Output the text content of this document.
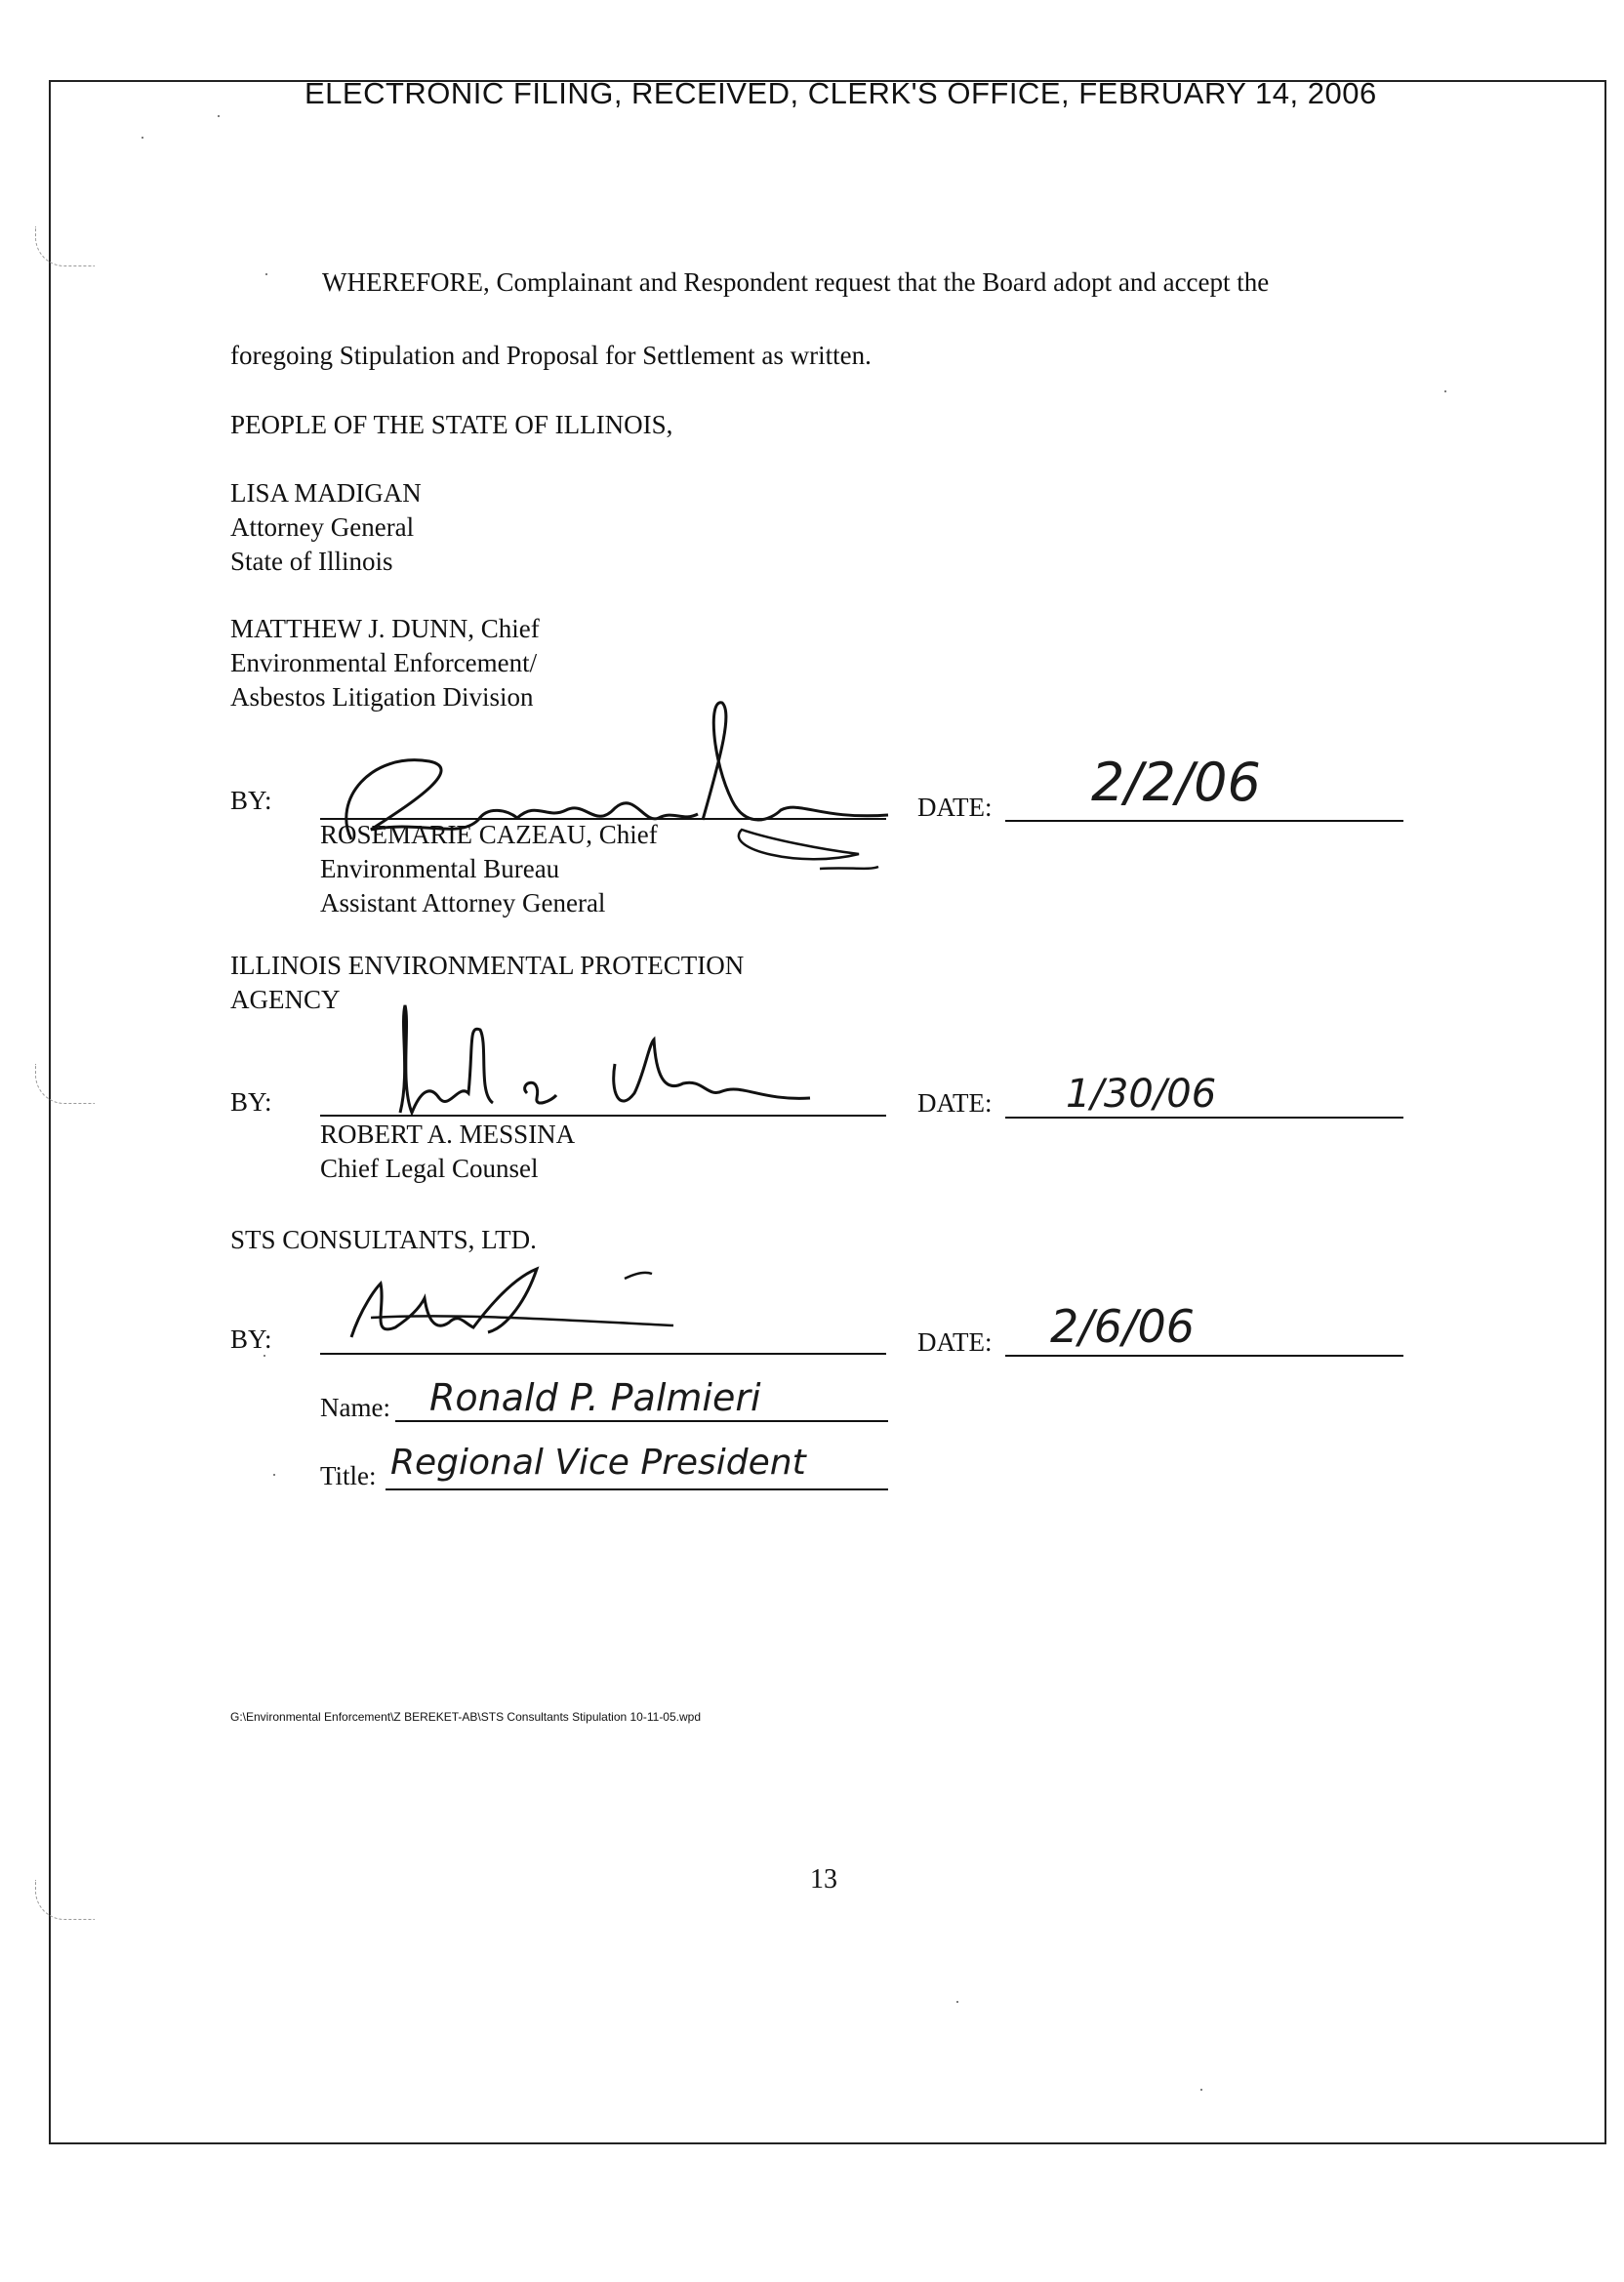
ELECTRONIC FILING, RECEIVED, CLERK'S OFFICE, FEBRUARY 14, 2006
WHEREFORE, Complainant and Respondent request that the Board adopt and accept the
foregoing Stipulation and Proposal for Settlement as written.
PEOPLE OF THE STATE OF ILLINOIS,
LISA MADIGAN
Attorney General
State of Illinois
MATTHEW J. DUNN, Chief
Environmental Enforcement/
Asbestos Litigation Division
BY:	DATE: 2/2/06
ROSEMARIE CAZEAU, Chief
Environmental Bureau
Assistant Attorney General
ILLINOIS ENVIRONMENTAL PROTECTION
AGENCY
BY:	DATE: 1/30/06
ROBERT A. MESSINA
Chief Legal Counsel
STS CONSULTANTS, LTD.
BY:	DATE: 2/6/06
Name: Ronald P. Palmieri
Title: Regional Vice President
G:\Environmental Enforcement\Z BEREKET-AB\STS Consultants Stipulation 10-11-05.wpd
13
